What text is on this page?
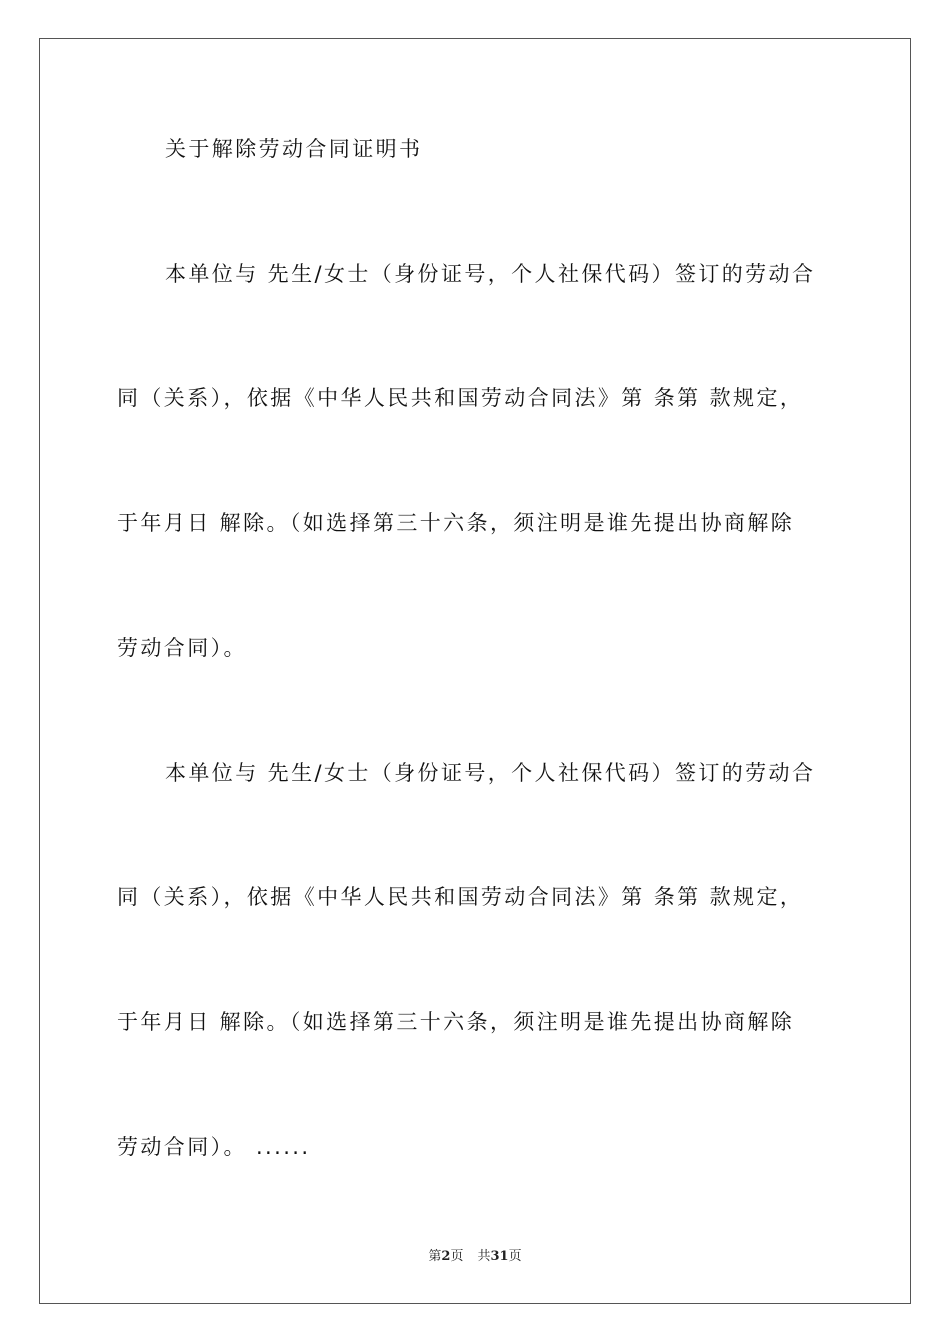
关于解除劳动合同证明书
本单位与 先生/女士（身份证号，个人社保代码）签订的劳动合
同（关系），依据《中华人民共和国劳动合同法》第 条第 款规定，
于年月日 解除。（如选择第三十六条，须注明是谁先提出协商解除
劳动合同）。
本单位与 先生/女士（身份证号，个人社保代码）签订的劳动合
同（关系），依据《中华人民共和国劳动合同法》第 条第 款规定，
于年月日 解除。（如选择第三十六条，须注明是谁先提出协商解除
劳动合同）。 ......
第2页 共31页
